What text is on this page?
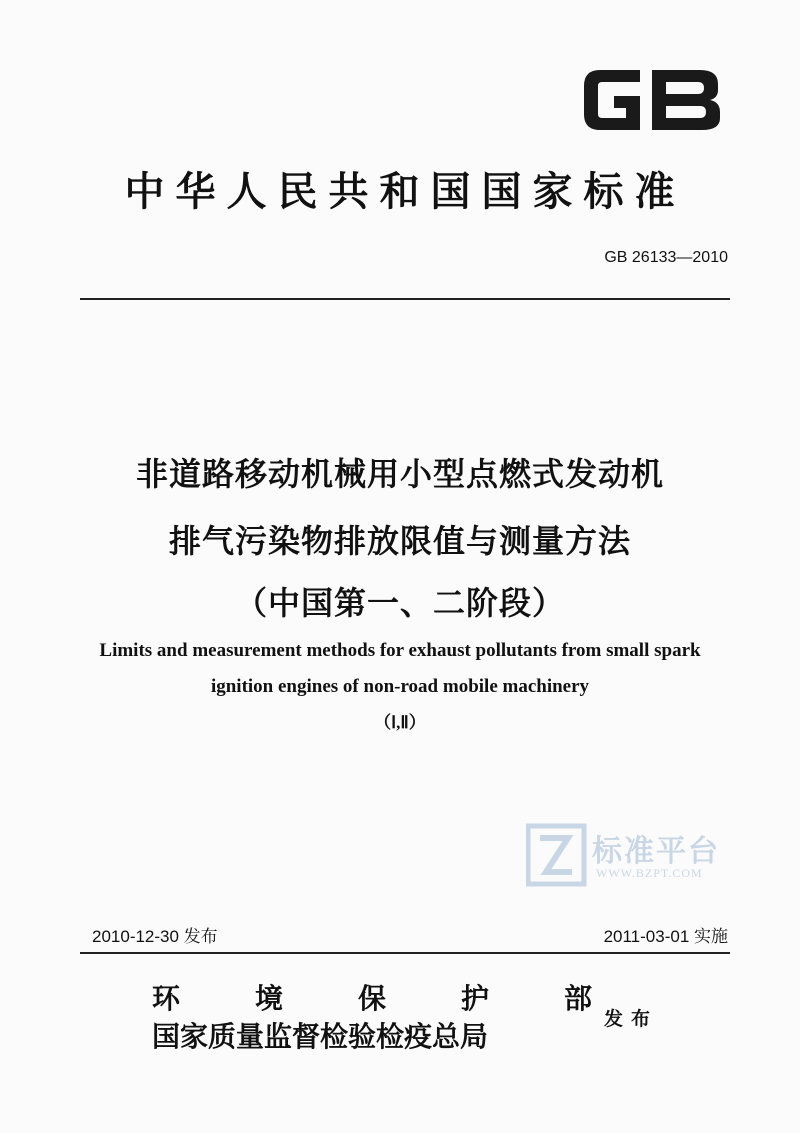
中华人民共和国国家标准
GB 26133—2010
非道路移动机械用小型点燃式发动机
排气污染物排放限值与测量方法
（中国第一、二阶段）
Limits and measurement methods for exhaust pollutants from small spark
ignition engines of non-road mobile machinery
（Ⅰ,Ⅱ）
标准平台
WWW.BZPT.COM
2010-12-30 发布	2011-03-01 实施
环	境	保	护	部
国家质量监督检验检疫总局
发布
